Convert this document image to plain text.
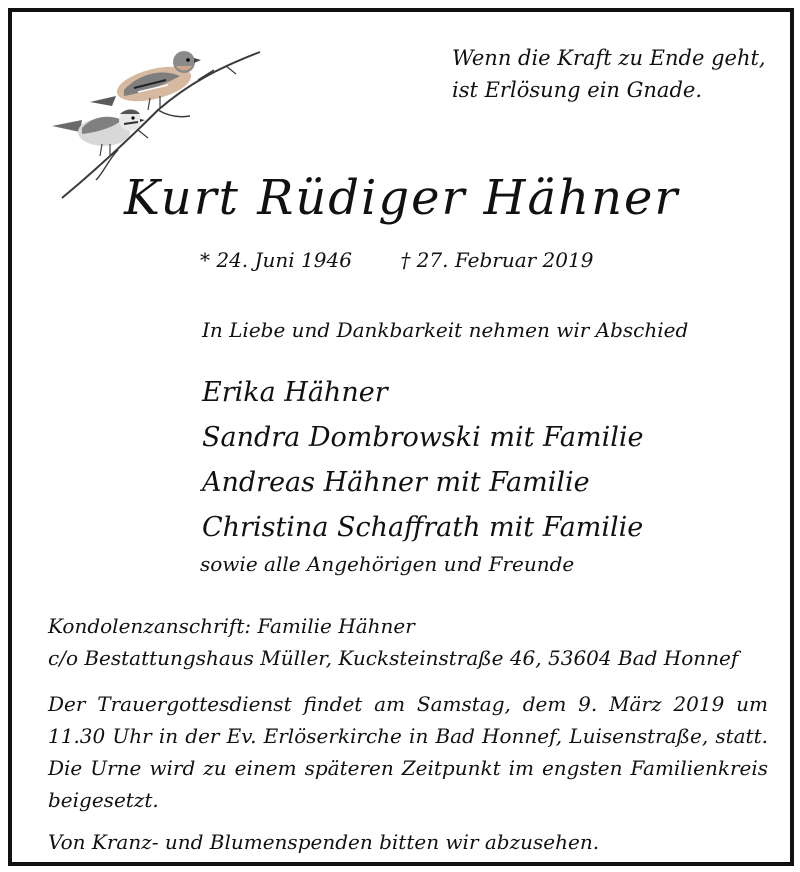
Wenn die Kraft zu Ende geht,
ist Erlösung ein Gnade.
Kurt Rüdiger Hähner
* 24. Juni 1946 † 27. Februar 2019
In Liebe und Dankbarkeit nehmen wir Abschied
Erika Hähner
Sandra Dombrowski mit Familie
Andreas Hähner mit Familie
Christina Schaffrath mit Familie
sowie alle Angehörigen und Freunde
Kondolenzanschrift: Familie Hähner
c/o Bestattungshaus Müller, Kucksteinstraße 46, 53604 Bad Honnef
Der Trauergottesdienst findet am Samstag, dem 9. März 2019 um 11.30 Uhr in der Ev. Erlöserkirche in Bad Honnef, Luisenstraße, statt. Die Urne wird zu einem späteren Zeitpunkt im engsten Familienkreis beigesetzt.
Von Kranz- und Blumenspenden bitten wir abzusehen.
